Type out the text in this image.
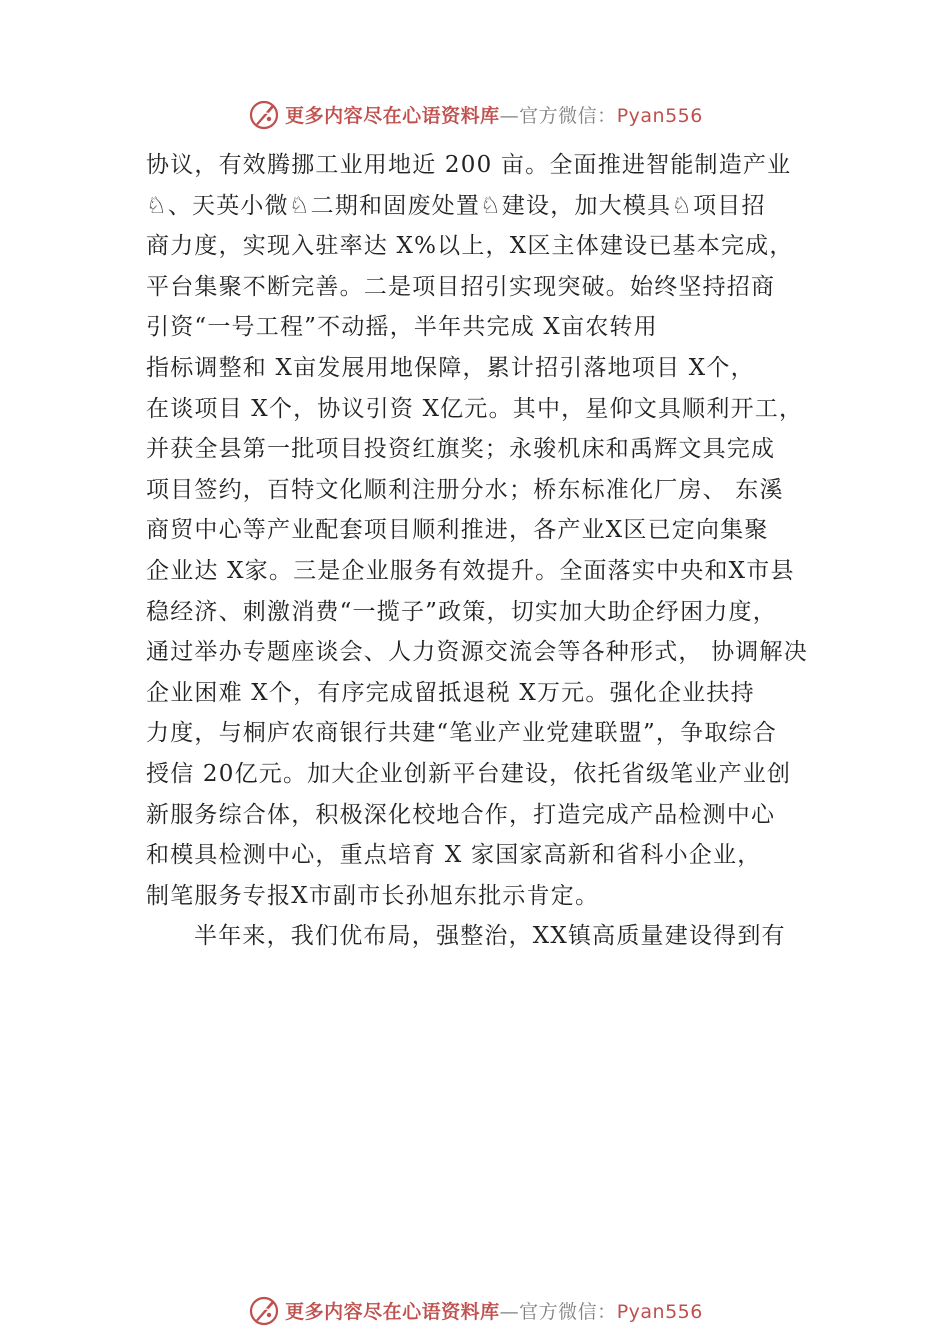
更多内容尽在心语资料库—官方微信：Pyan556
协议，有效腾挪工业用地近 200 亩。全面推进智能制造产业
♘、天英小微♘二期和固废处置♘建设，加大模具♘项目招
商力度，实现入驻率达 X%以上，X区主体建设已基本完成，
平台集聚不断完善。二是项目招引实现突破。始终坚持招商
引资“一号工程”不动摇，半年共完成 X亩农转用
指标调整和 X亩发展用地保障，累计招引落地项目 X个，
在谈项目 X个，协议引资 X亿元。其中，星仰文具顺利开工，
并获全县第一批项目投资红旗奖；永骏机床和禹辉文具完成
项目签约，百特文化顺利注册分水；桥东标准化厂房、 东溪
商贸中心等产业配套项目顺利推进，各产业X区已定向集聚
企业达 X家。三是企业服务有效提升。全面落实中央和X市县
稳经济、刺激消费“一揽子”政策，切实加大助企纾困力度，
通过举办专题座谈会、人力资源交流会等各种形式， 协调解决
企业困难 X个，有序完成留抵退税 X万元。强化企业扶持
力度，与桐庐农商银行共建“笔业产业党建联盟”，争取综合
授信 20亿元。加大企业创新平台建设，依托省级笔业产业创
新服务综合体，积极深化校地合作，打造完成产品检测中心
和模具检测中心，重点培育 X 家国家高新和省科小企业，
制笔服务专报X市副市长孙旭东批示肯定。
半年来，我们优布局，强整治，XX镇高质量建设得到有
更多内容尽在心语资料库—官方微信：Pyan556
